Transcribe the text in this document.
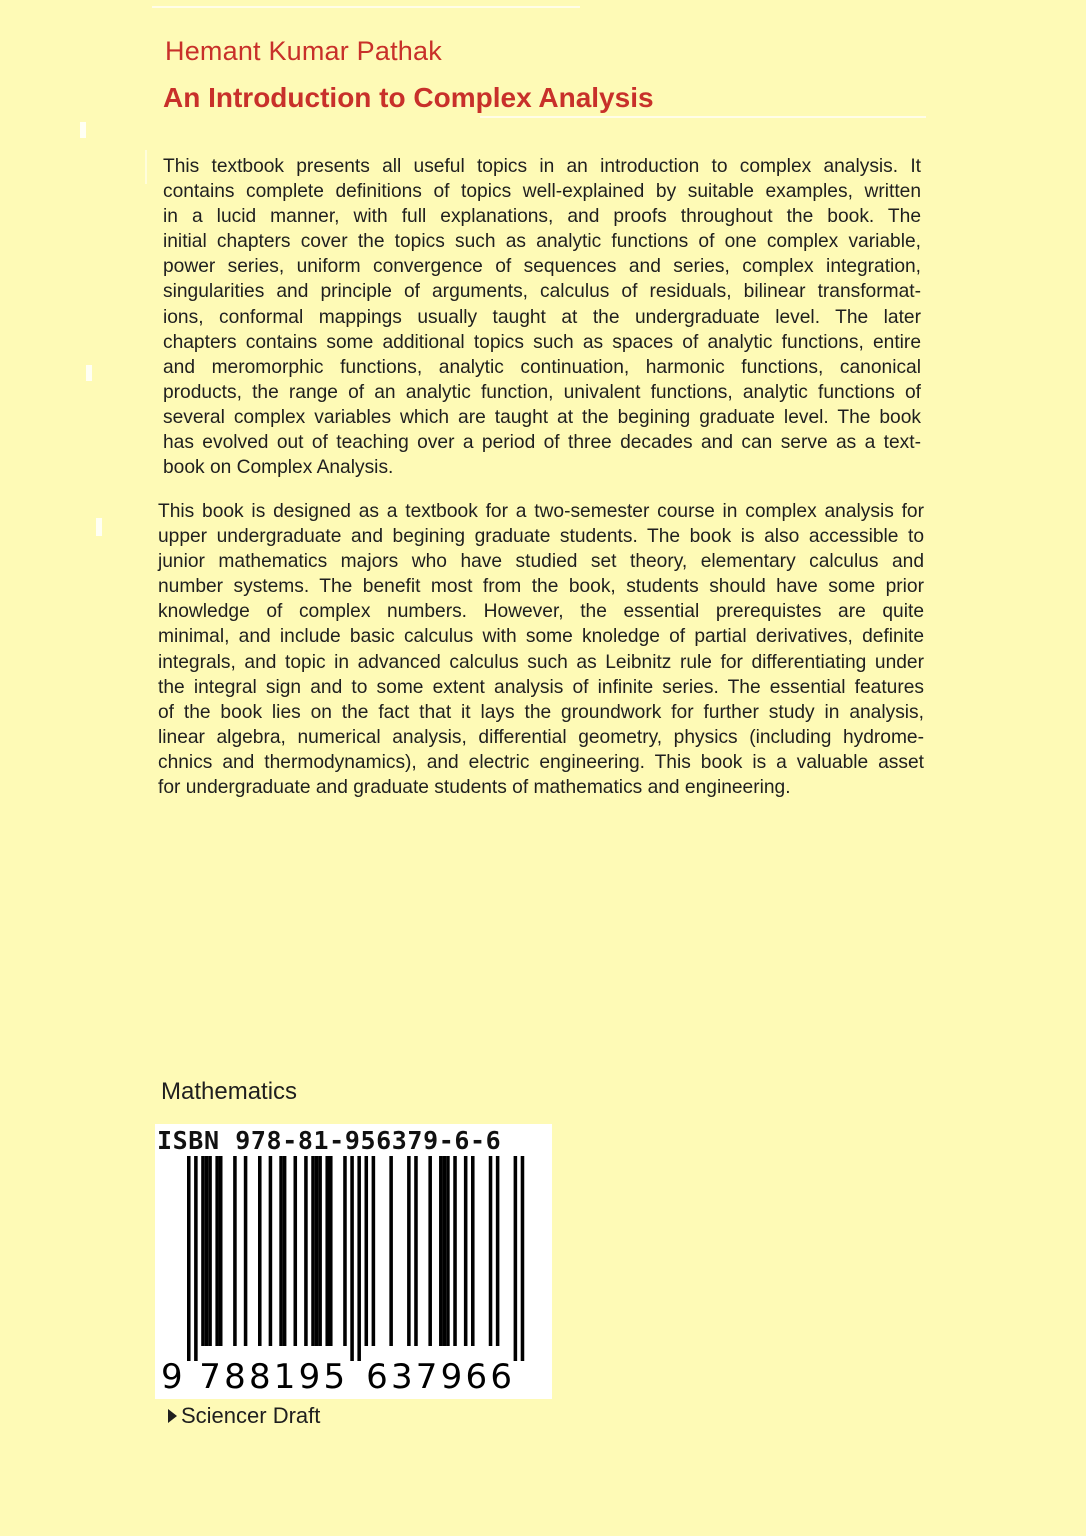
Hemant Kumar Pathak
An Introduction to Complex Analysis
This textbook presents all useful topics in an introduction to complex analysis. It
contains complete definitions of topics well-explained by suitable examples, written
in a lucid manner, with full explanations, and proofs throughout the book. The
initial chapters cover the topics such as analytic functions of one complex variable,
power series, uniform convergence of sequences and series, complex integration,
singularities and principle of arguments, calculus of residuals, bilinear transformat-
ions, conformal mappings usually taught at the undergraduate level. The later
chapters contains some additional topics such as spaces of analytic functions, entire
and meromorphic functions, analytic continuation, harmonic functions, canonical
products, the range of an analytic function, univalent functions, analytic functions of
several complex variables which are taught at the begining graduate level. The book
has evolved out of teaching over a period of three decades and can serve as a text-
book on Complex Analysis.
This book is designed as a textbook for a two-semester course in complex analysis for
upper undergraduate and begining graduate students. The book is also accessible to
junior mathematics majors who have studied set theory, elementary calculus and
number systems. The benefit most from the book, students should have some prior
knowledge of complex numbers. However, the essential prerequistes are quite
minimal, and include basic calculus with some knoledge of partial derivatives, definite
integrals, and topic in advanced calculus such as Leibnitz rule for differentiating under
the integral sign and to some extent analysis of infinite series. The essential features
of the book lies on the fact that it lays the groundwork for further study in analysis,
linear algebra, numerical analysis, differential geometry, physics (including hydrome-
chnics and thermodynamics), and electric engineering. This book is a valuable asset
for undergraduate and graduate students of mathematics and engineering.
Mathematics
ISBN 978-81-956379-6-6
9 7 8 8 1 9 5 6 3 7 9 6 6
Sciencer Draft
